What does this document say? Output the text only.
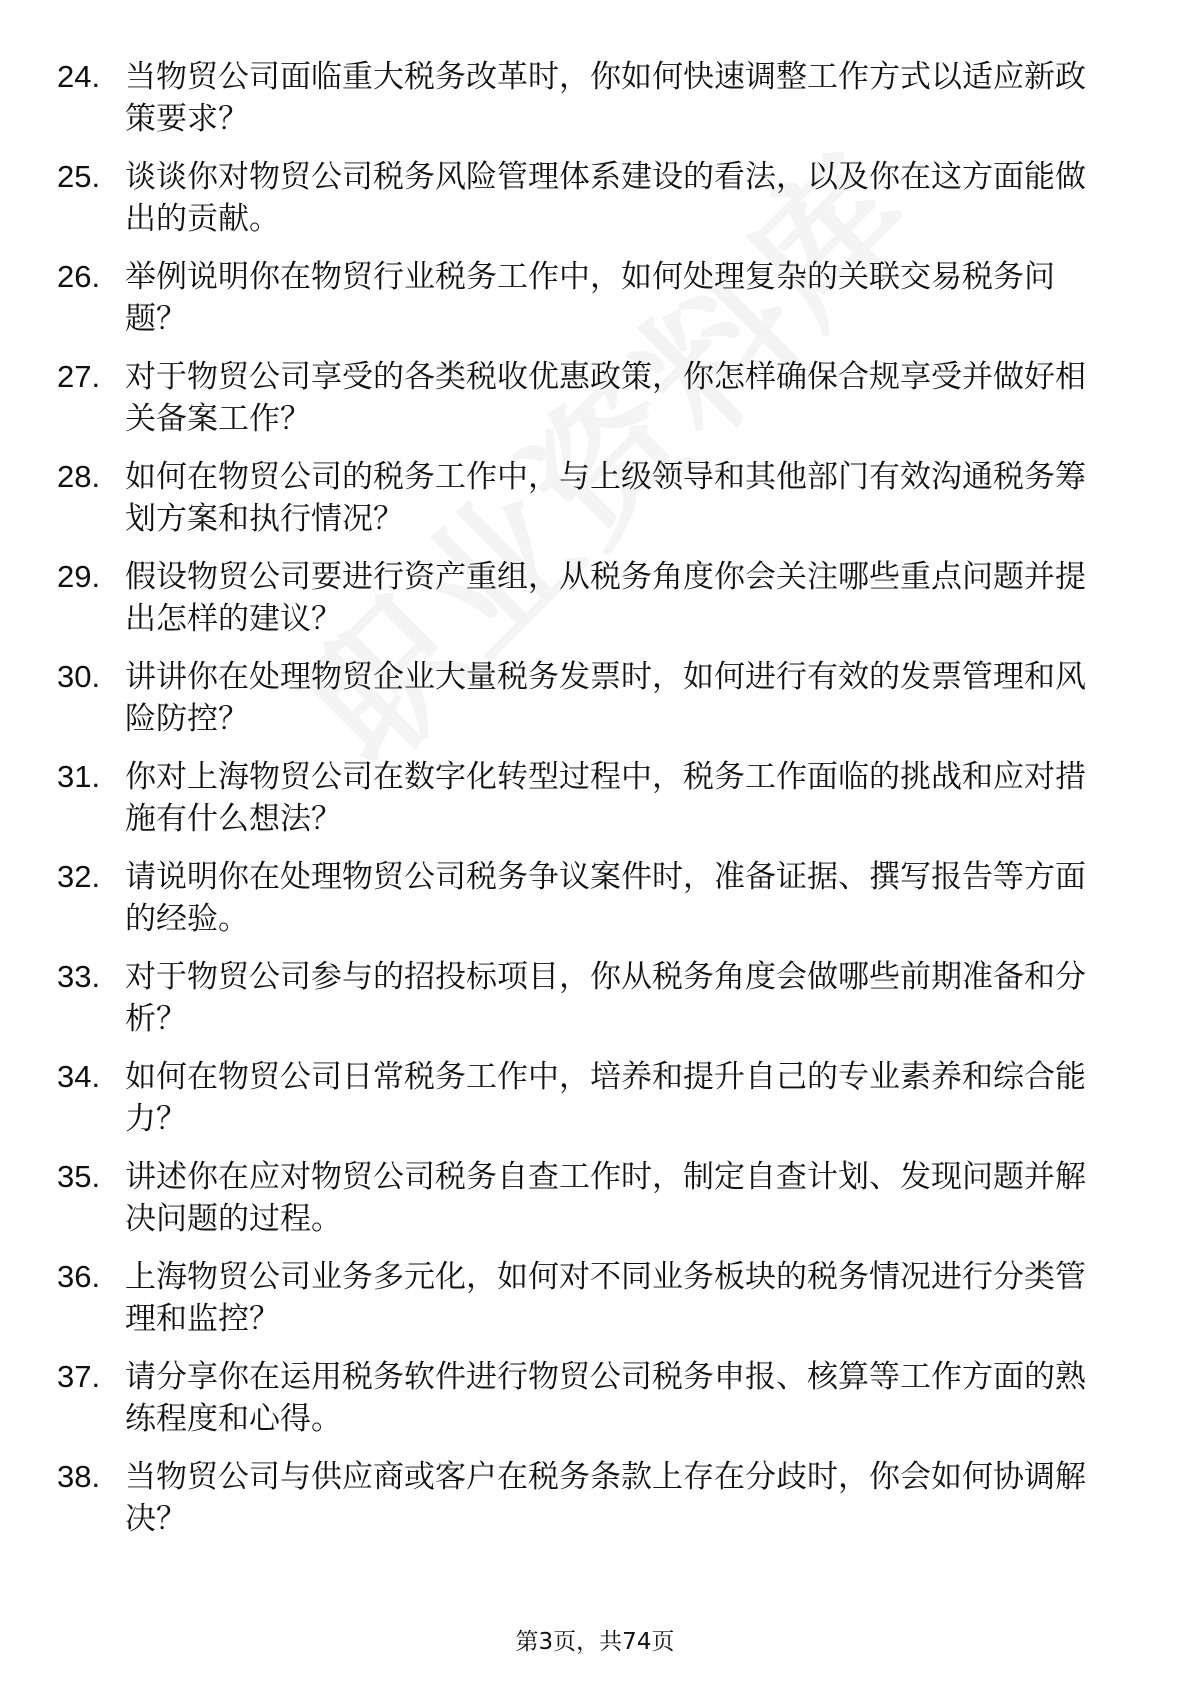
24. 当物贸公司面临重大税务改革时，你如何快速调整工作方式以适应新政策要求？
25. 谈谈你对物贸公司税务风险管理体系建设的看法，以及你在这方面能做出的贡献。
26. 举例说明你在物贸行业税务工作中，如何处理复杂的关联交易税务问题？
27. 对于物贸公司享受的各类税收优惠政策，你怎样确保合规享受并做好相关备案工作？
28. 如何在物贸公司的税务工作中，与上级领导和其他部门有效沟通税务筹划方案和执行情况？
29. 假设物贸公司要进行资产重组，从税务角度你会关注哪些重点问题并提出怎样的建议？
30. 讲讲你在处理物贸企业大量税务发票时，如何进行有效的发票管理和风险防控？
31. 你对上海物贸公司在数字化转型过程中，税务工作面临的挑战和应对措施有什么想法？
32. 请说明你在处理物贸公司税务争议案件时，准备证据、撰写报告等方面的经验。
33. 对于物贸公司参与的招投标项目，你从税务角度会做哪些前期准备和分析？
34. 如何在物贸公司日常税务工作中，培养和提升自己的专业素养和综合能力？
35. 讲述你在应对物贸公司税务自查工作时，制定自查计划、发现问题并解决问题的过程。
36. 上海物贸公司业务多元化，如何对不同业务板块的税务情况进行分类管理和监控？
37. 请分享你在运用税务软件进行物贸公司税务申报、核算等工作方面的熟练程度和心得。
38. 当物贸公司与供应商或客户在税务条款上存在分歧时，你会如何协调解决？
第3页，共74页
